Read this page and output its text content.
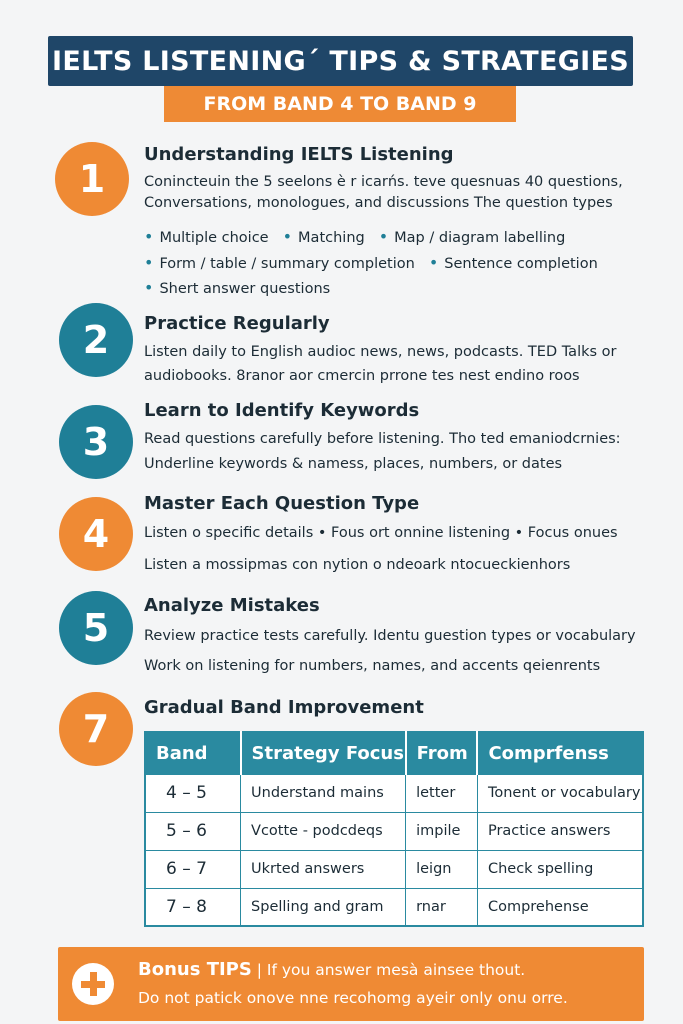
IELTS LISTENING´ TIPS & STRATEGIES
FROM BAND 4 TO BAND 9
1
Understanding IELTS Listening
Conincteuin the 5 seelons è r icarńs. teve quesnuas 40 questions,
Conversations, monologues, and discussions The question types
• Multiple choice	• Matching	• Map / diagram labelling
• Form / table / summary completion	• Sentence completion
• Shert answer questions
2	Practice Regularly
Listen daily to English audioc news, news, podcasts. TED Talks or
audiobooks. 8ranor aor cmercin prrone tes nest endino roos
3
Learn to Identify Keywords
Read questions carefully before listening. Tho ted emaniodcrnies:
Underline keywords & namess, places, numbers, or dates
4
Master Each Question Type
Listen o specific details • Fous ort onnine listening • Focus onues
Listen a mossipmas con nytion o ndeoark ntocueckienhors
5
Analyze Mistakes
Review practice tests carefully. Identu guestion types or vocabulary
Work on listening for numbers, names, and accents qeienrents
7	Gradual Band Improvement
Band	Strategy Focus	From	Comprfenss
4 – 5	Understand mains	letter	Tonent or vocabulary
5 – 6	Vcotte - podcdeqs	impile	Practice answers
6 – 7	Ukrted answers	leign	Check spelling
7 – 8	Spelling and gram	rnar	Comprehense
Bonus TIPS | If you answer mesà ainsee thout.
Do not patick onove nne recohomg ayeir only onu orre.
